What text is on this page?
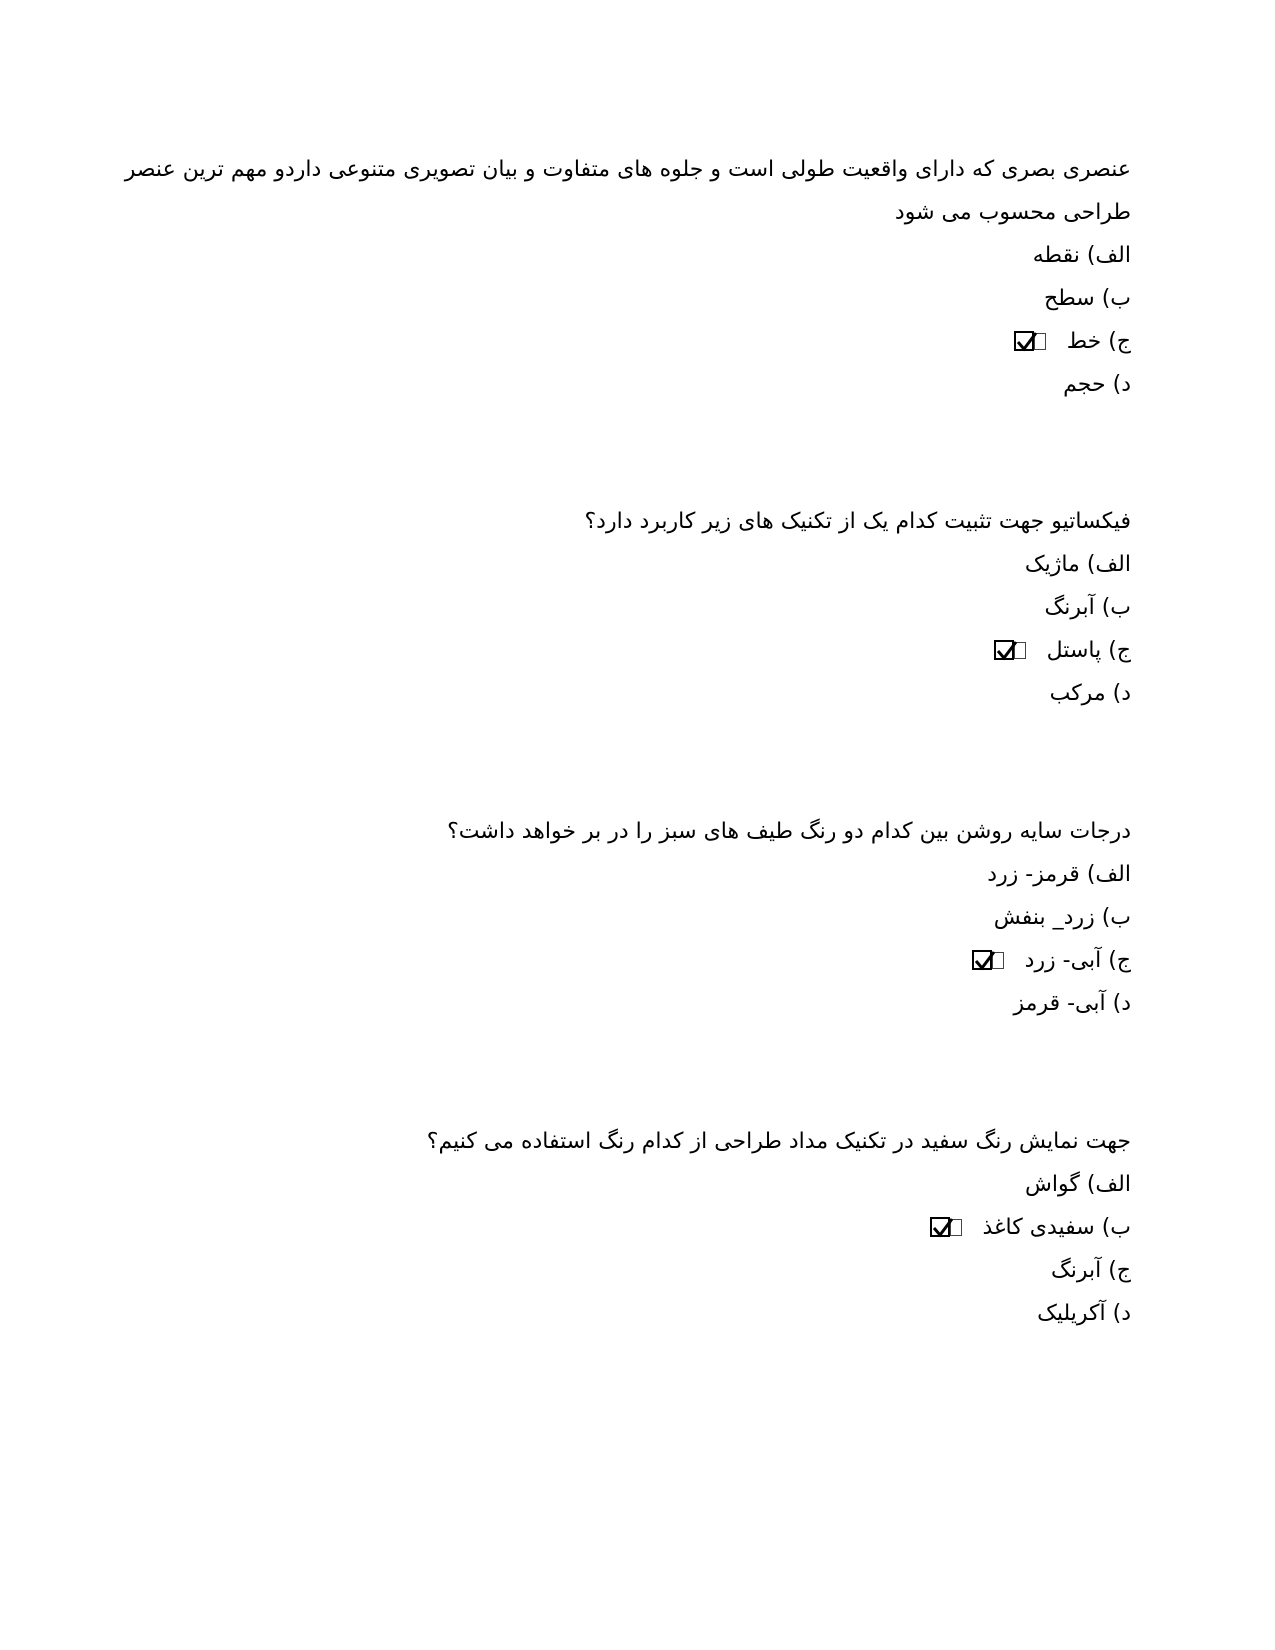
عنصری بصری که دارای واقعیت طولی است و جلوه های متفاوت و بیان تصویری متنوعی داردو مهم ترین عنصر
طراحی محسوب می شود
الف) نقطه
ب) سطح
ج) خط
د) حجم
فیکساتیو جهت تثبیت کدام یک از تکنیک های زیر کاربرد دارد؟
الف) ماژیک
ب) آبرنگ
ج) پاستل
د) مرکب
درجات سایه روشن بین کدام دو رنگ طیف های سبز را در بر خواهد داشت؟
الف) قرمز- زرد
ب) زرد_ بنفش
ج) آبی- زرد
د) آبی- قرمز
جهت نمایش رنگ سفید در تکنیک مداد طراحی از کدام رنگ استفاده می کنیم؟
الف) گواش
ب) سفیدی کاغذ
ج) آبرنگ
د) آکریلیک
